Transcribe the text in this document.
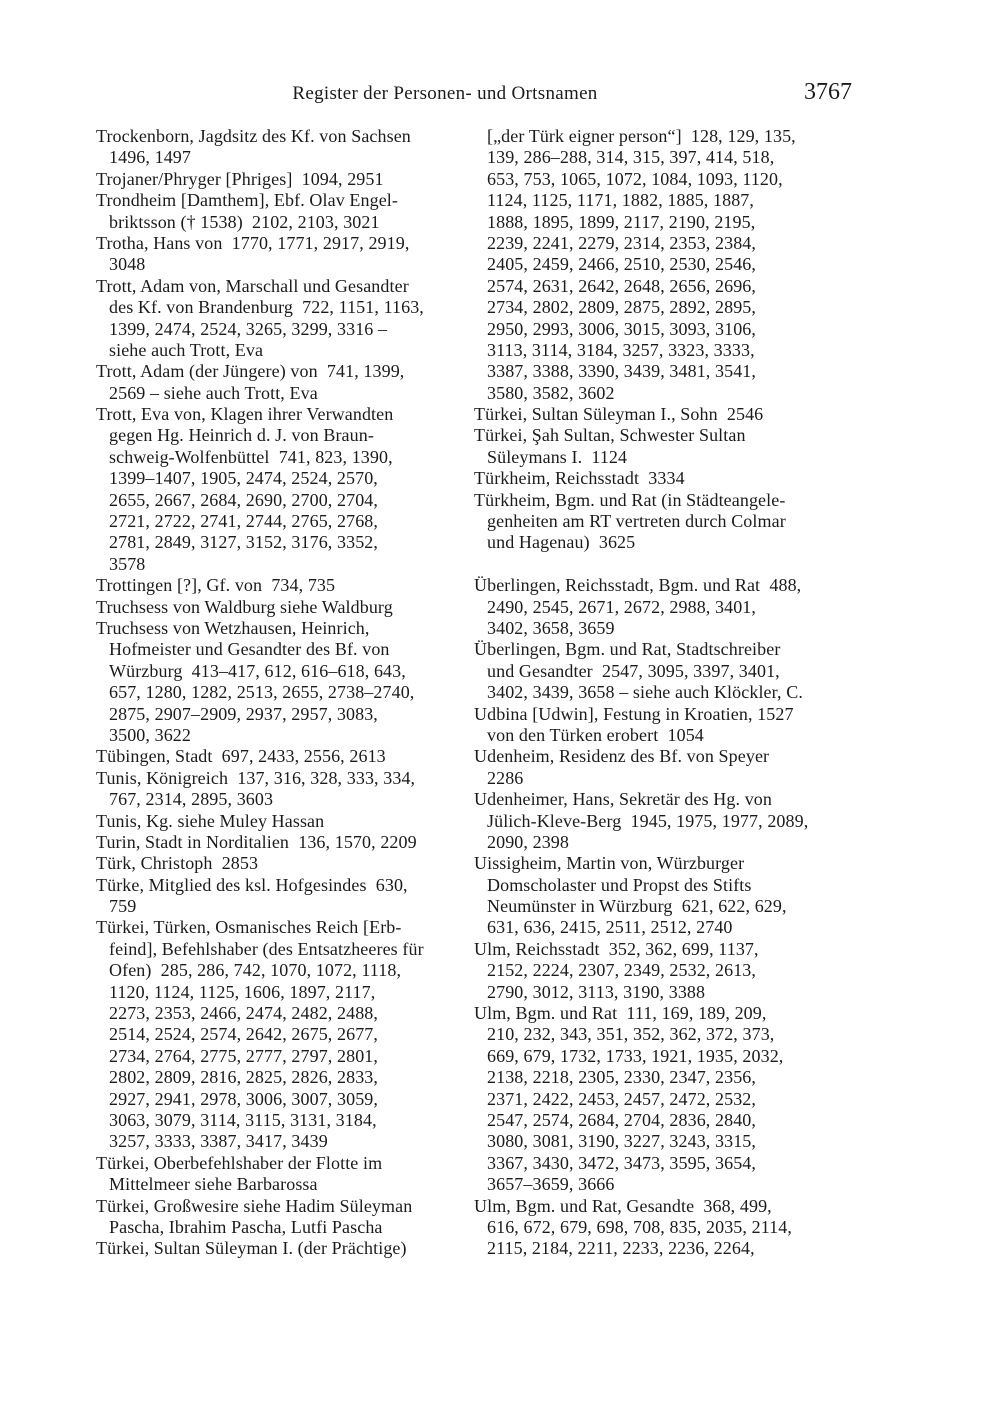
Register der Personen- und Ortsnamen	3767
Trockenborn, Jagdsitz des Kf. von Sachsen
1496, 1497
Trojaner/Phryger [Phriges]  1094, 2951
Trondheim [Damthem], Ebf. Olav Engel-
briktsson († 1538)  2102, 2103, 3021
Trotha, Hans von  1770, 1771, 2917, 2919,
3048
Trott, Adam von, Marschall und Gesandter
des Kf. von Brandenburg  722, 1151, 1163,
1399, 2474, 2524, 3265, 3299, 3316 –
siehe auch Trott, Eva
Trott, Adam (der Jüngere) von  741, 1399,
2569 – siehe auch Trott, Eva
Trott, Eva von, Klagen ihrer Verwandten
gegen Hg. Heinrich d. J. von Braun-
schweig-Wolfenbüttel  741, 823, 1390,
1399–1407, 1905, 2474, 2524, 2570,
2655, 2667, 2684, 2690, 2700, 2704,
2721, 2722, 2741, 2744, 2765, 2768,
2781, 2849, 3127, 3152, 3176, 3352,
3578
Trottingen [?], Gf. von  734, 735
Truchsess von Waldburg siehe Waldburg
Truchsess von Wetzhausen, Heinrich,
Hofmeister und Gesandter des Bf. von
Würzburg  413–417, 612, 616–618, 643,
657, 1280, 1282, 2513, 2655, 2738–2740,
2875, 2907–2909, 2937, 2957, 3083,
3500, 3622
Tübingen, Stadt  697, 2433, 2556, 2613
Tunis, Königreich  137, 316, 328, 333, 334,
767, 2314, 2895, 3603
Tunis, Kg. siehe Muley Hassan
Turin, Stadt in Norditalien  136, 1570, 2209
Türk, Christoph  2853
Türke, Mitglied des ksl. Hofgesindes  630,
759
Türkei, Türken, Osmanisches Reich [Erb-
feind], Befehlshaber (des Entsatzheeres für
Ofen)  285, 286, 742, 1070, 1072, 1118,
1120, 1124, 1125, 1606, 1897, 2117,
2273, 2353, 2466, 2474, 2482, 2488,
2514, 2524, 2574, 2642, 2675, 2677,
2734, 2764, 2775, 2777, 2797, 2801,
2802, 2809, 2816, 2825, 2826, 2833,
2927, 2941, 2978, 3006, 3007, 3059,
3063, 3079, 3114, 3115, 3131, 3184,
3257, 3333, 3387, 3417, 3439
Türkei, Oberbefehlshaber der Flotte im
Mittelmeer siehe Barbarossa
Türkei, Großwesire siehe Hadim Süleyman
Pascha, Ibrahim Pascha, Lutfi Pascha
Türkei, Sultan Süleyman I. (der Prächtige)
[„der Türk eigner person“]  128, 129, 135,
139, 286–288, 314, 315, 397, 414, 518,
653, 753, 1065, 1072, 1084, 1093, 1120,
1124, 1125, 1171, 1882, 1885, 1887,
1888, 1895, 1899, 2117, 2190, 2195,
2239, 2241, 2279, 2314, 2353, 2384,
2405, 2459, 2466, 2510, 2530, 2546,
2574, 2631, 2642, 2648, 2656, 2696,
2734, 2802, 2809, 2875, 2892, 2895,
2950, 2993, 3006, 3015, 3093, 3106,
3113, 3114, 3184, 3257, 3323, 3333,
3387, 3388, 3390, 3439, 3481, 3541,
3580, 3582, 3602
Türkei, Sultan Süleyman I., Sohn  2546
Türkei, Şah Sultan, Schwester Sultan
Süleymans I.  1124
Türkheim, Reichsstadt  3334
Türkheim, Bgm. und Rat (in Städteangele-
genheiten am RT vertreten durch Colmar
und Hagenau)  3625
Überlingen, Reichsstadt, Bgm. und Rat  488,
2490, 2545, 2671, 2672, 2988, 3401,
3402, 3658, 3659
Überlingen, Bgm. und Rat, Stadtschreiber
und Gesandter  2547, 3095, 3397, 3401,
3402, 3439, 3658 – siehe auch Klöckler, C.
Udbina [Udwin], Festung in Kroatien, 1527
von den Türken erobert  1054
Udenheim, Residenz des Bf. von Speyer
2286
Udenheimer, Hans, Sekretär des Hg. von
Jülich-Kleve-Berg  1945, 1975, 1977, 2089,
2090, 2398
Uissigheim, Martin von, Würzburger
Domscholaster und Propst des Stifts
Neumünster in Würzburg  621, 622, 629,
631, 636, 2415, 2511, 2512, 2740
Ulm, Reichsstadt  352, 362, 699, 1137,
2152, 2224, 2307, 2349, 2532, 2613,
2790, 3012, 3113, 3190, 3388
Ulm, Bgm. und Rat  111, 169, 189, 209,
210, 232, 343, 351, 352, 362, 372, 373,
669, 679, 1732, 1733, 1921, 1935, 2032,
2138, 2218, 2305, 2330, 2347, 2356,
2371, 2422, 2453, 2457, 2472, 2532,
2547, 2574, 2684, 2704, 2836, 2840,
3080, 3081, 3190, 3227, 3243, 3315,
3367, 3430, 3472, 3473, 3595, 3654,
3657–3659, 3666
Ulm, Bgm. und Rat, Gesandte  368, 499,
616, 672, 679, 698, 708, 835, 2035, 2114,
2115, 2184, 2211, 2233, 2236, 2264,
